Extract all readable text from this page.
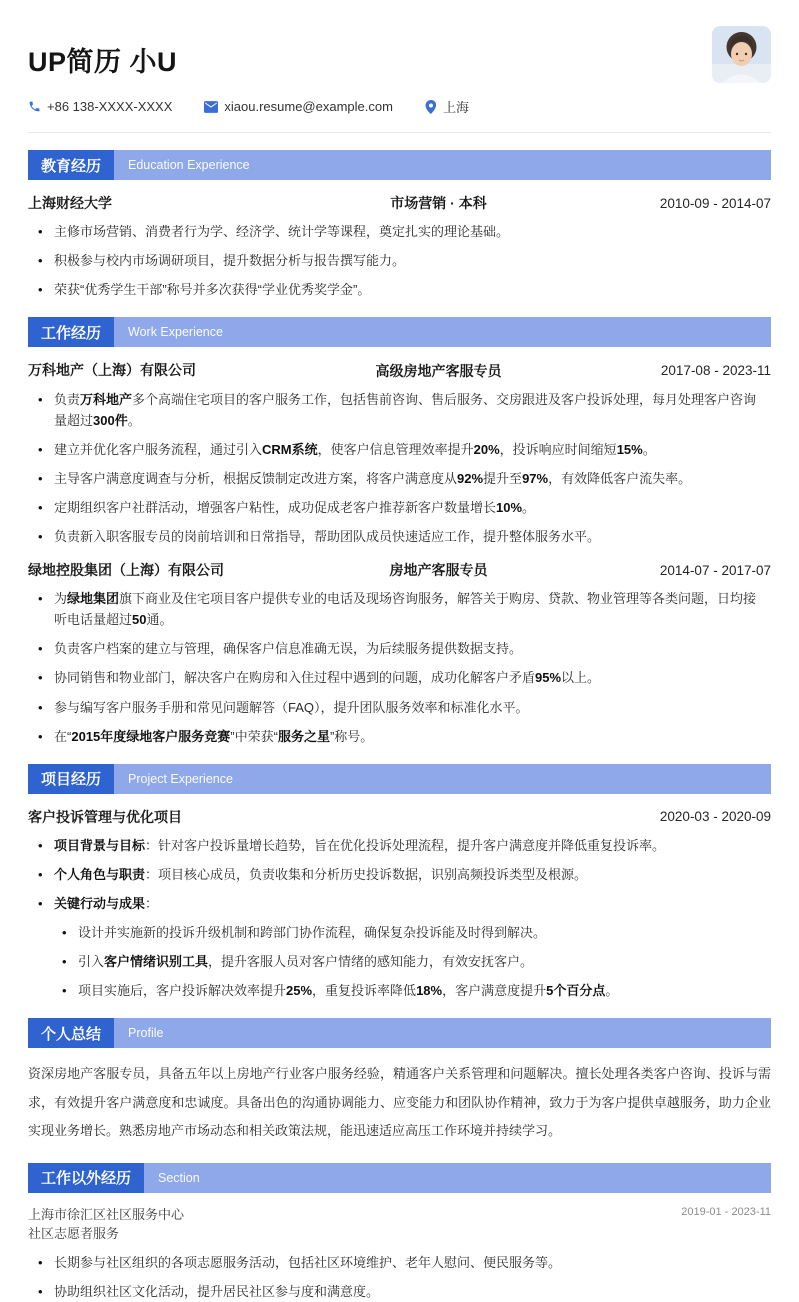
UP简历 小U
+86 138-XXXX-XXXX	xiaou.resume@example.com	上海
教育经历	Education Experience
上海财经大学	市场营销 · 本科	2010-09 - 2014-07
• 主修市场营销、消费者行为学、经济学、统计学等课程，奠定扎实的理论基础。
• 积极参与校内市场调研项目，提升数据分析与报告撰写能力。
• 荣获“优秀学生干部”称号并多次获得“学业优秀奖学金”。
工作经历	Work Experience
万科地产（上海）有限公司	高级房地产客服专员	2017-08 - 2023-11
• 负责万科地产多个高端住宅项目的客户服务工作，包括售前咨询、售后服务、交房跟进及客户投诉处理，每月处理客户咨询量超过300件。
• 建立并优化客户服务流程，通过引入CRM系统，使客户信息管理效率提升20%，投诉响应时间缩短15%。
• 主导客户满意度调查与分析，根据反馈制定改进方案，将客户满意度从92%提升至97%，有效降低客户流失率。
• 定期组织客户社群活动，增强客户粘性，成功促成老客户推荐新客户数量增长10%。
• 负责新入职客服专员的岗前培训和日常指导，帮助团队成员快速适应工作，提升整体服务水平。
绿地控股集团（上海）有限公司	房地产客服专员	2014-07 - 2017-07
• 为绿地集团旗下商业及住宅项目客户提供专业的电话及现场咨询服务，解答关于购房、贷款、物业管理等各类问题，日均接听电话量超过50通。
• 负责客户档案的建立与管理，确保客户信息准确无误，为后续服务提供数据支持。
• 协同销售和物业部门，解决客户在购房和入住过程中遇到的问题，成功化解客户矛盾95%以上。
• 参与编写客户服务手册和常见问题解答（FAQ），提升团队服务效率和标准化水平。
• 在“2015年度绿地客户服务竞赛”中荣获“服务之星”称号。
项目经历	Project Experience
客户投诉管理与优化项目	2020-03 - 2020-09
• 项目背景与目标：针对客户投诉量增长趋势，旨在优化投诉处理流程，提升客户满意度并降低重复投诉率。
• 个人角色与职责：项目核心成员，负责收集和分析历史投诉数据，识别高频投诉类型及根源。
• 关键行动与成果：
• 设计并实施新的投诉升级机制和跨部门协作流程，确保复杂投诉能及时得到解决。
• 引入客户情绪识别工具，提升客服人员对客户情绪的感知能力，有效安抚客户。
• 项目实施后，客户投诉解决效率提升25%，重复投诉率降低18%，客户满意度提升5个百分点。
个人总结	Profile
资深房地产客服专员，具备五年以上房地产行业客户服务经验，精通客户关系管理和问题解决。擅长处理各类客户咨询、投诉与需求，有效提升客户满意度和忠诚度。具备出色的沟通协调能力、应变能力和团队协作精神，致力于为客户提供卓越服务，助力企业实现业务增长。熟悉房地产市场动态和相关政策法规，能迅速适应高压工作环境并持续学习。
工作以外经历	Section
上海市徐汇区社区服务中心
社区志愿者服务
2019-01 - 2023-11
• 长期参与社区组织的各项志愿服务活动，包括社区环境维护、老年人慰问、便民服务等。
• 协助组织社区文化活动，提升居民社区参与度和满意度。
